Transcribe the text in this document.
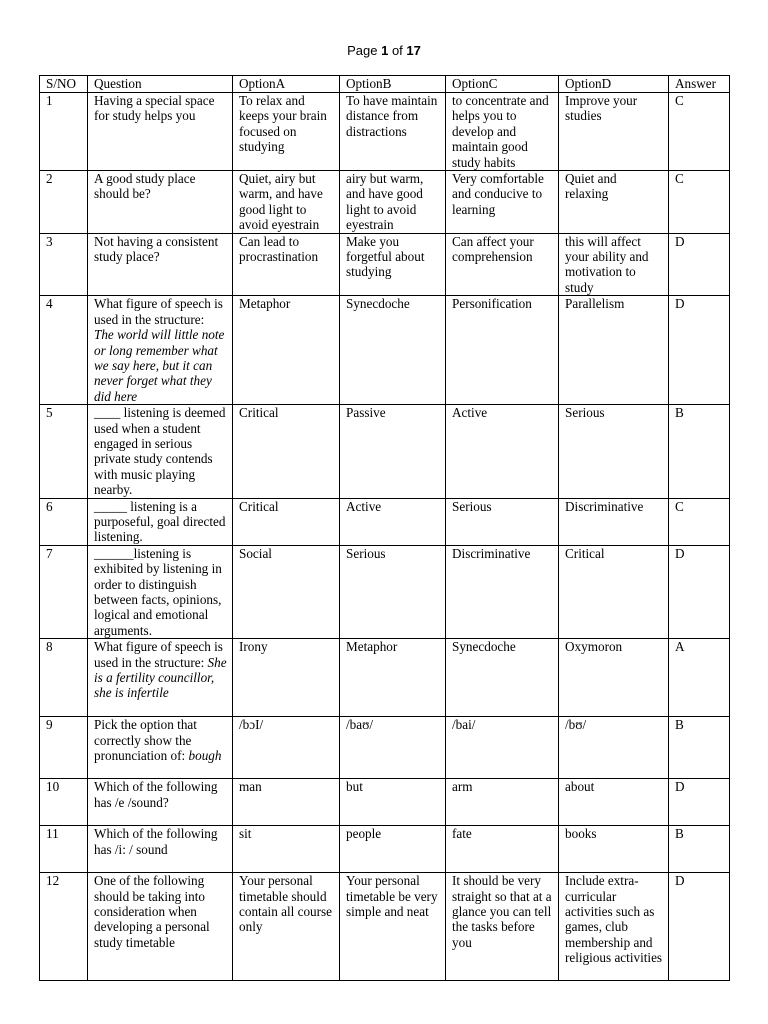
Page 1 of 17
S/NO	Question	OptionA	OptionB	OptionC	OptionD	Answer
1	Having a special space for study helps you	To relax and keeps your brain focused on studying	To have maintain distance from distractions	to concentrate and helps you to develop and maintain good study habits	Improve your studies	C
2	A good study place should be?	Quiet, airy but warm, and have good light to avoid eyestrain	airy but warm, and have good light to avoid eyestrain	Very comfortable and conducive to learning	Quiet and relaxing	C
3	Not having a consistent study place?	Can lead to procrastination	Make you forgetful about studying	Can affect your comprehension	this will affect your ability and motivation to study	D
4	What figure of speech is used in the structure: The world will little note or long remember what we say here, but it can never forget what they did here	Metaphor	Synecdoche	Personification	Parallelism	D
5	____ listening is deemed used when a student engaged in serious private study contends with music playing nearby.	Critical	Passive	Active	Serious	B
6	_____ listening is a purposeful, goal directed listening.	Critical	Active	Serious	Discriminative	C
7	______listening is exhibited by listening in order to distinguish between facts, opinions, logical and emotional arguments.	Social	Serious	Discriminative	Critical	D
8	What figure of speech is used in the structure: She is a fertility councillor, she is infertile	Irony	Metaphor	Synecdoche	Oxymoron	A
9	Pick the option that correctly show the pronunciation of: bough	/bɔI/	/baʊ/	/bai/	/bʊ/	B
10	Which of the following has /e /sound?	man	but	arm	about	D
11	Which of the following has /i: / sound	sit	people	fate	books	B
12	One of the following should be taking into consideration when developing a personal study timetable	Your personal timetable should contain all course only	Your personal timetable be very simple and neat	It should be very straight so that at a glance you can tell the tasks before you	Include extra-curricular activities such as games, club membership and religious activities	D
